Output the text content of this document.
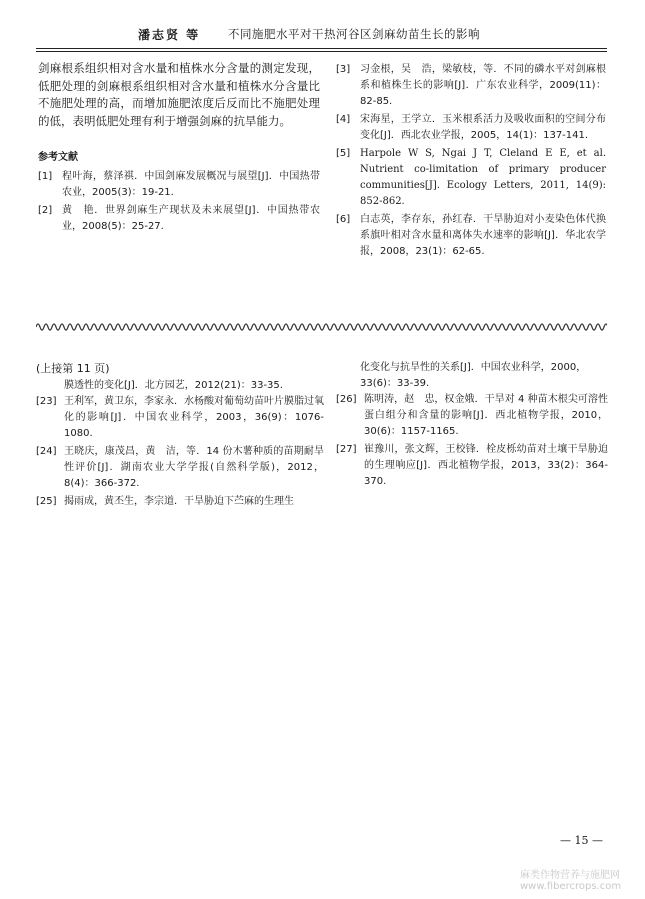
潘志贤 等 不同施肥水平对干热河谷区剑麻幼苗生长的影响
剑麻根系组织相对含水量和植株水分含量的测定发现，低肥处理的剑麻根系组织相对含水量和植株水分含量比不施肥处理的高，而增加施肥浓度后反而比不施肥处理的低，表明低肥处理有利于增强剑麻的抗旱能力。
参考文献
[1] 程叶海，蔡泽祺．中国剑麻发展概况与展望[J]．中国热带农业，2005(3)：19-21.
[2] 黄　艳．世界剑麻生产现状及未来展望[J]．中国热带农业，2008(5)：25-27.
[3] 习金根，吴　浩，梁敏枝，等．不同的磷水平对剑麻根系和植株生长的影响[J]．广东农业科学，2009(11)：82-85.
[4] 宋海星，王学立．玉米根系活力及吸收面积的空间分布变化[J]．西北农业学报，2005，14(1)：137-141.
[5] Harpole W S, Ngai J T, Cleland E E, et al. Nutrient co-limitation of primary producer communities[J]. Ecology Letters, 2011, 14(9): 852-862.
[6] 白志英，李存东，孙红春．干旱胁迫对小麦染色体代换系旗叶相对含水量和离体失水速率的影响[J]．华北农学报，2008，23(1)：62-65.
(上接第 11 页)
膜透性的变化[J]．北方园艺，2012(21)：33-35.
[23] 王利军，黄卫东，李家永．水杨酸对葡萄幼苗叶片膜脂过氧化的影响[J]．中国农业科学，2003，36(9)：1076-1080.
[24] 王晓庆，康茂昌，黄　洁，等．14 份木薯种质的苗期耐旱性评价[J]．湖南农业大学学报(自然科学版)，2012，8(4)：366-372.
[25] 揭雨成，黄丕生，李宗道．干旱胁迫下苎麻的生理生
化变化与抗旱性的关系[J]．中国农业科学，2000，33(6)：33-39.
[26] 陈明涛，赵　忠，权金娥．干旱对 4 种苗木根尖可溶性蛋白组分和含量的影响[J]．西北植物学报，2010，30(6)：1157-1165.
[27] 崔豫川，张文辉，王校锋．栓皮栎幼苗对土壤干旱胁迫的生理响应[J]．西北植物学报，2013，33(2)：364-370.
— 15 —
麻类作物营养与施肥网
www.fibercrops.com
